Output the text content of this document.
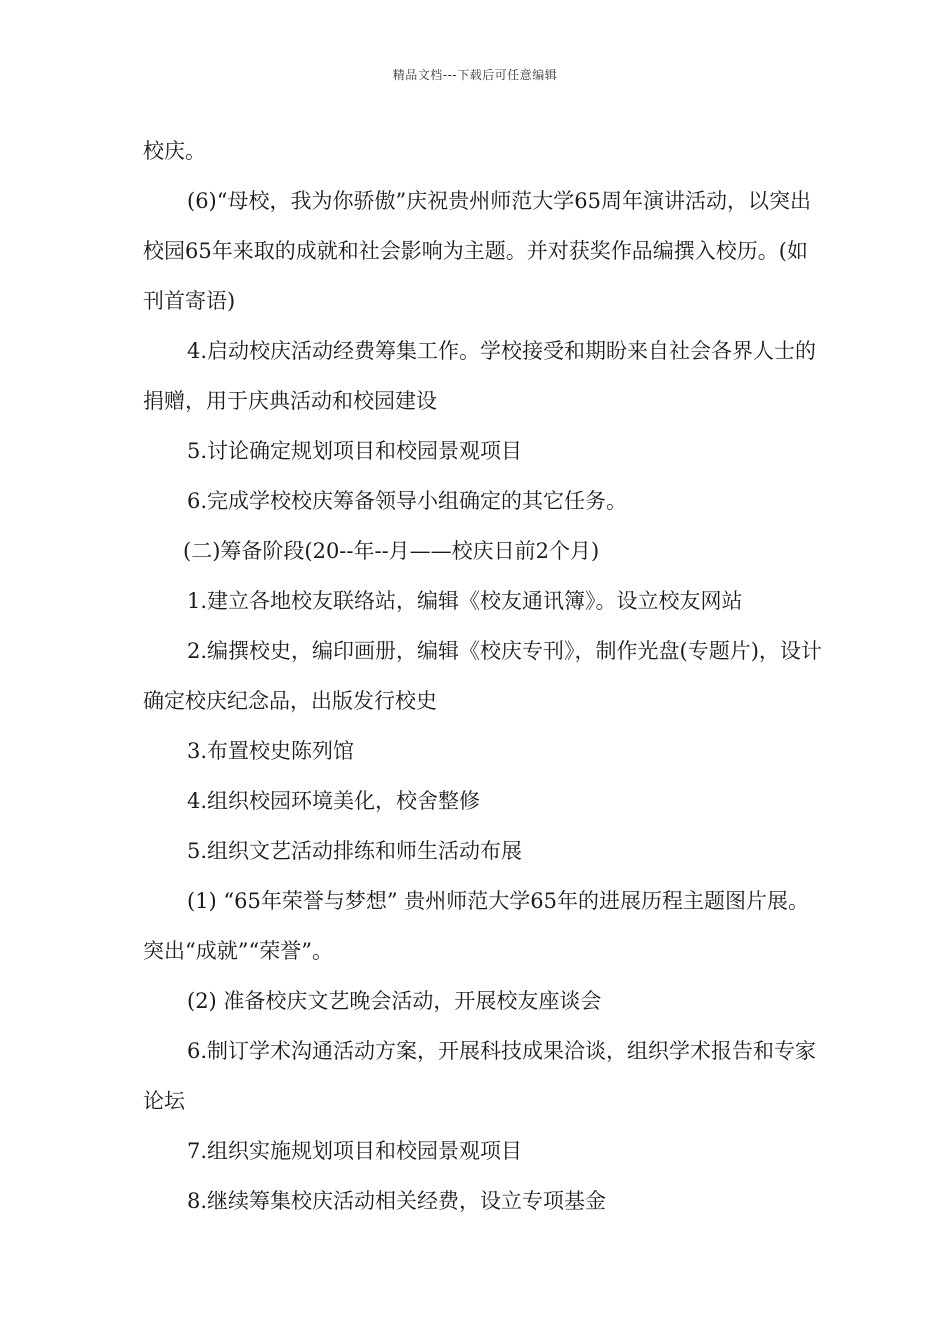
精品文档---下载后可任意编辑

校庆。

(6)“母校，我为你骄傲”庆祝贵州师范大学65周年演讲活动，以突出校园65年来取的成就和社会影响为主题。并对获奖作品编撰入校历。(如刊首寄语)

4.启动校庆活动经费筹集工作。学校接受和期盼来自社会各界人士的捐赠，用于庆典活动和校园建设

5.讨论确定规划项目和校园景观项目

6.完成学校校庆筹备领导小组确定的其它任务。

(二)筹备阶段(20--年--月——校庆日前2个月)

1.建立各地校友联络站，编辑《校友通讯簿》。设立校友网站

2.编撰校史，编印画册，编辑《校庆专刊》，制作光盘(专题片)，设计确定校庆纪念品，出版发行校史

3.布置校史陈列馆

4.组织校园环境美化，校舍整修

5.组织文艺活动排练和师生活动布展

(1) “65年荣誉与梦想” 贵州师范大学65年的进展历程主题图片展。突出“成就”“荣誉”。

(2) 准备校庆文艺晚会活动，开展校友座谈会

6.制订学术沟通活动方案，开展科技成果洽谈，组织学术报告和专家论坛

7.组织实施规划项目和校园景观项目

8.继续筹集校庆活动相关经费，设立专项基金
